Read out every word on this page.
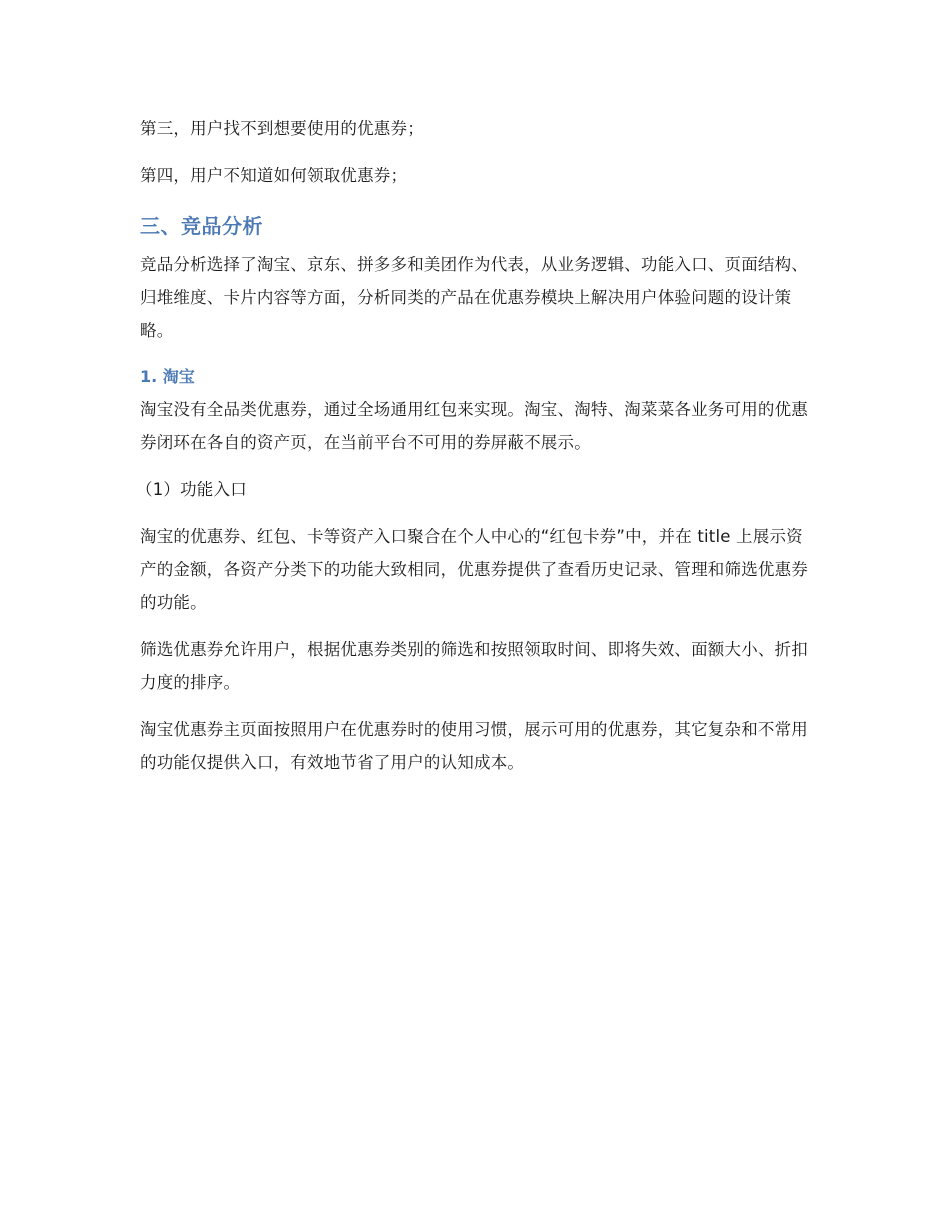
第三，用户找不到想要使用的优惠券；

第四，用户不知道如何领取优惠券；

三、竞品分析

竞品分析选择了淘宝、京东、拼多多和美团作为代表，从业务逻辑、功能入口、页面结构、归堆维度、卡片内容等方面，分析同类的产品在优惠券模块上解决用户体验问题的设计策略。

1. 淘宝

淘宝没有全品类优惠券，通过全场通用红包来实现。淘宝、淘特、淘菜菜各业务可用的优惠券闭环在各自的资产页，在当前平台不可用的券屏蔽不展示。

（1）功能入口

淘宝的优惠券、红包、卡等资产入口聚合在个人中心的“红包卡券”中，并在 title 上展示资产的金额，各资产分类下的功能大致相同，优惠券提供了查看历史记录、管理和筛选优惠券的功能。

筛选优惠券允许用户，根据优惠券类别的筛选和按照领取时间、即将失效、面额大小、折扣力度的排序。

淘宝优惠券主页面按照用户在优惠券时的使用习惯，展示可用的优惠券，其它复杂和不常用的功能仅提供入口，有效地节省了用户的认知成本。
